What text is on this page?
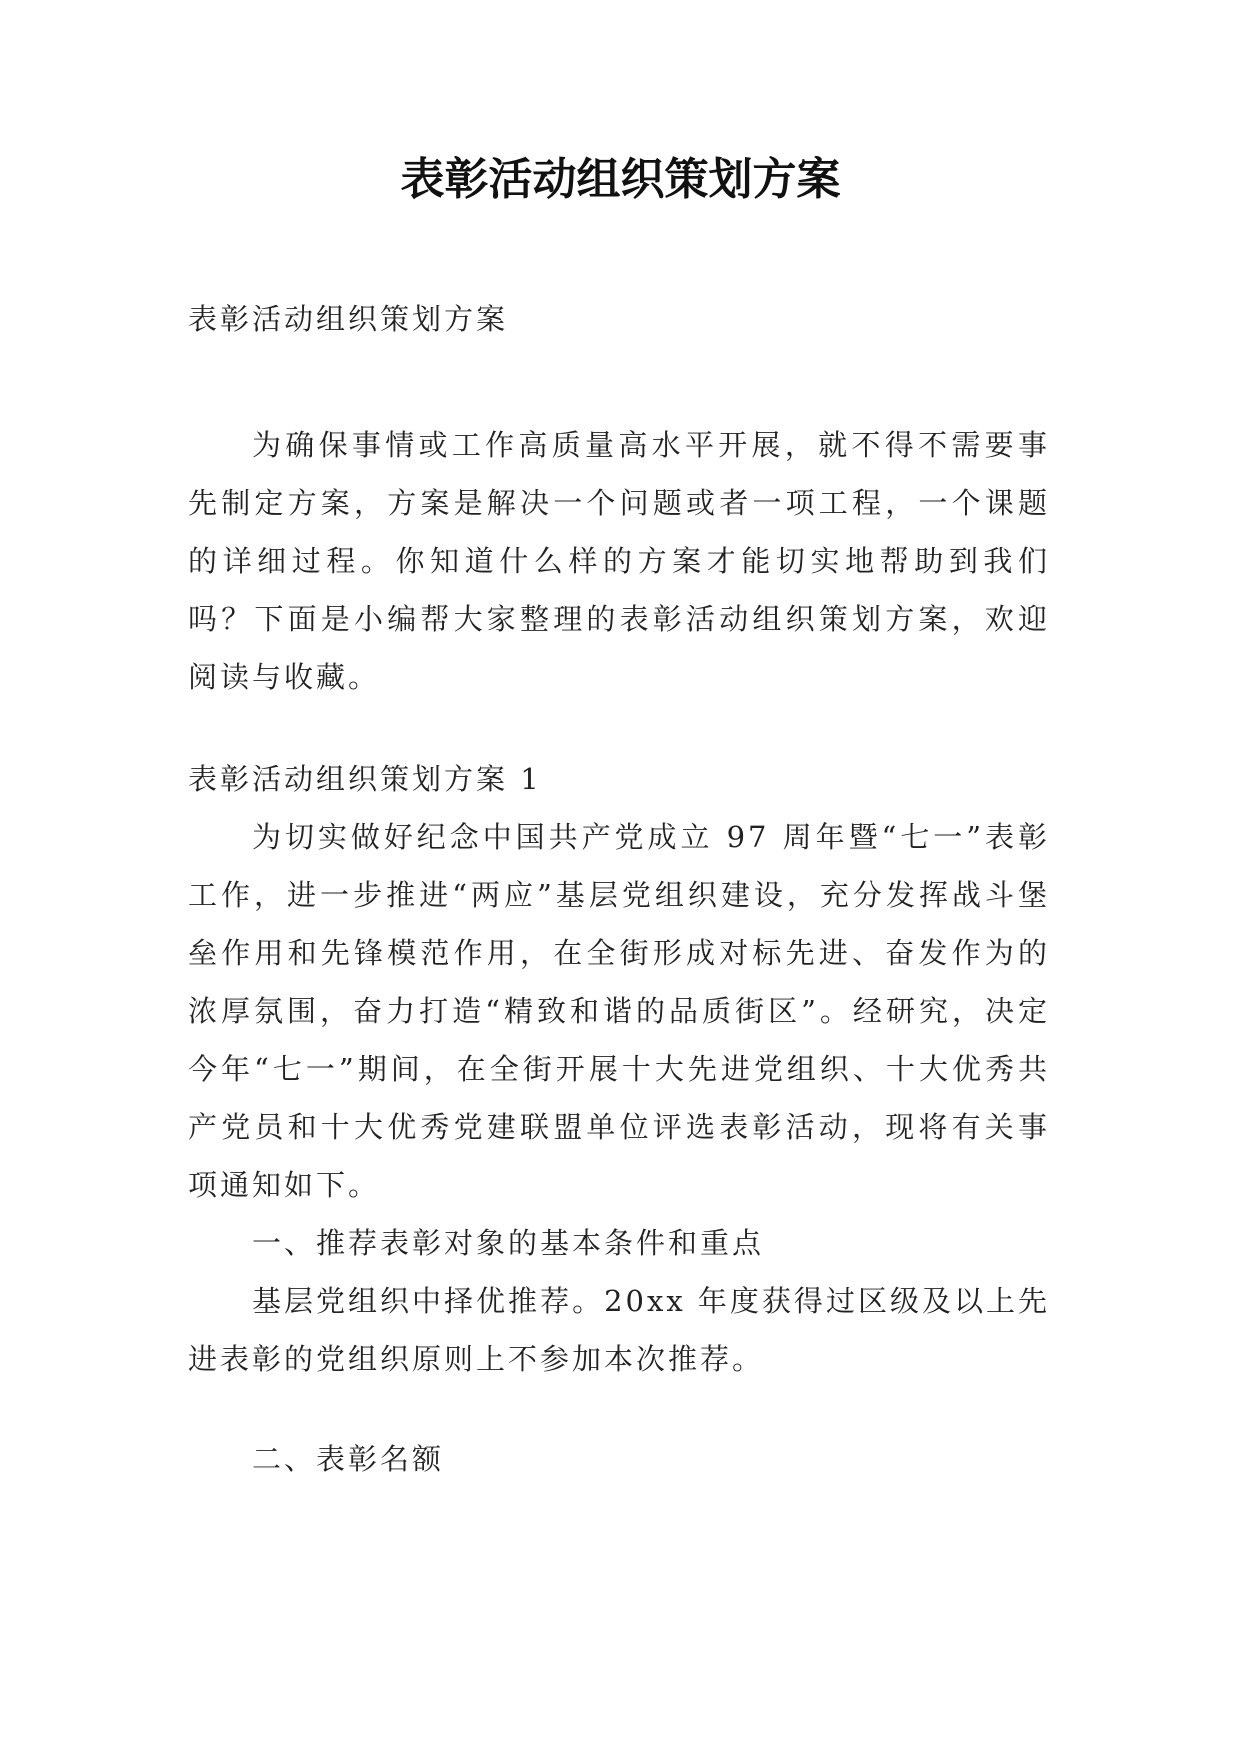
表彰活动组织策划方案

表彰活动组织策划方案

为确保事情或工作高质量高水平开展，就不得不需要事先制定方案，方案是解决一个问题或者一项工程，一个课题的详细过程。你知道什么样的方案才能切实地帮助到我们吗？下面是小编帮大家整理的表彰活动组织策划方案，欢迎阅读与收藏。

表彰活动组织策划方案 1

为切实做好纪念中国共产党成立 97 周年暨“七一”表彰工作，进一步推进“两应”基层党组织建设，充分发挥战斗堡垒作用和先锋模范作用，在全街形成对标先进、奋发作为的浓厚氛围，奋力打造“精致和谐的品质街区”。经研究，决定今年“七一”期间，在全街开展十大先进党组织、十大优秀共产党员和十大优秀党建联盟单位评选表彰活动，现将有关事项通知如下。

一、推荐表彰对象的基本条件和重点

基层党组织中择优推荐。20xx 年度获得过区级及以上先进表彰的党组织原则上不参加本次推荐。

二、表彰名额
